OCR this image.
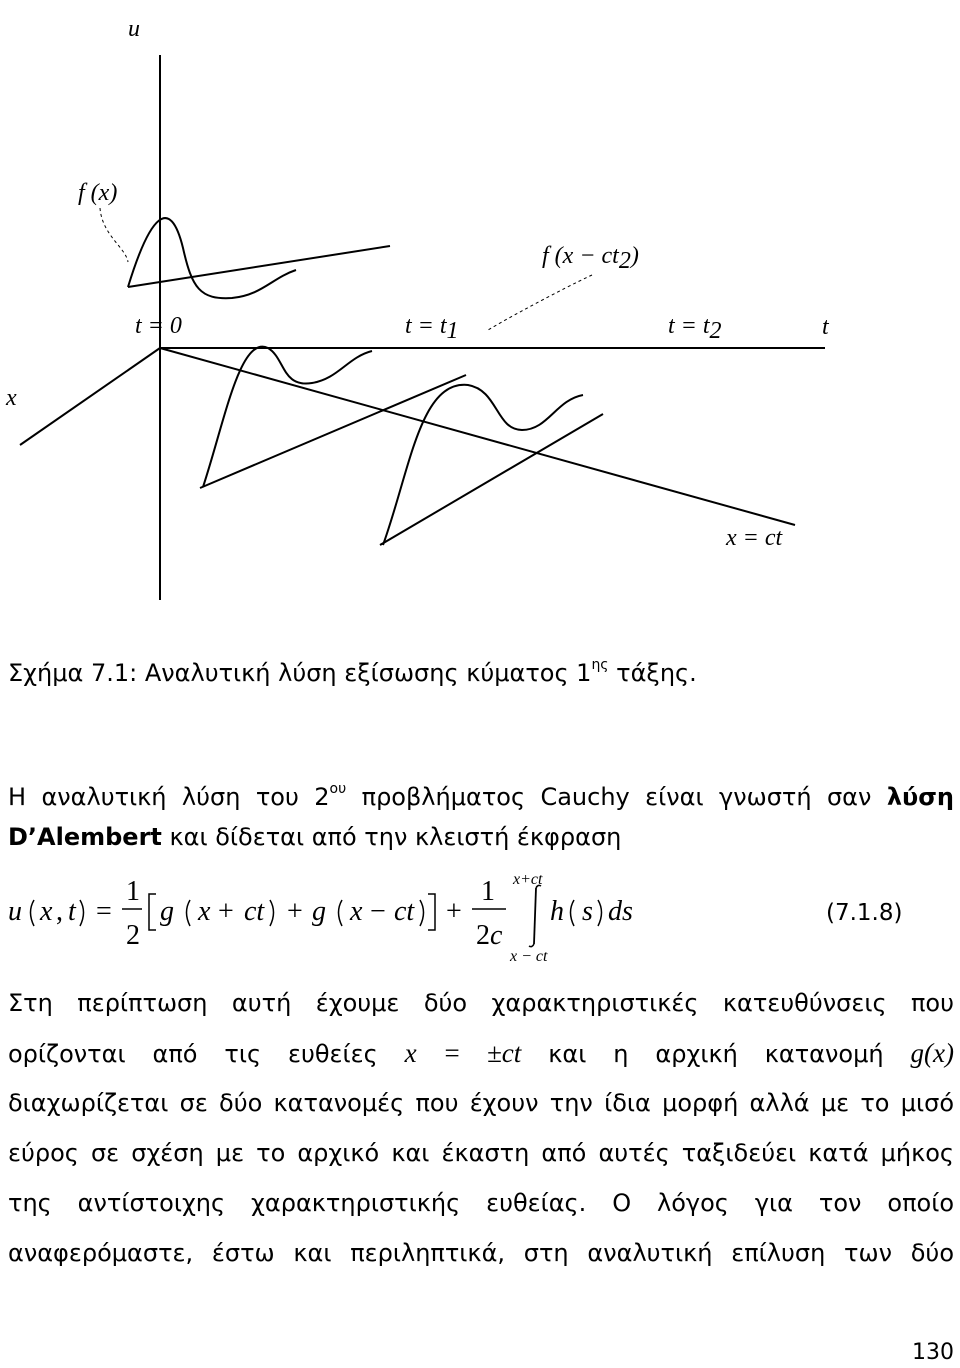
u
x
t
f (x)
f (x − ct2)
t = 0	t = t1	t = t2
x = ct
Σχήμα 7.1: Αναλυτική λύση εξίσωσης κύματος $1^{\eta\varsigma}$ τάξης.
Η αναλυτική λύση του $2^{o\upsilon}$ προβλήματος Cauchy είναι γνωστή σαν λύση
D’Alembert και δίδεται από την κλειστή έκφραση
u x , t =
1
2
g x + ct + g x − ct +
1
2 c
x+ct
x − ct
h s ds	(7.1.8)
Στη περίπτωση αυτή έχουμε δύο χαρακτηριστικές κατευθύνσεις που
ορίζονται από τις ευθείες x = ±ct και η αρχική κατανομή g(x)
διαχωρίζεται σε δύο κατανομές που έχουν την ίδια μορφή αλλά με το μισό
εύρος σε σχέση με το αρχικό και έκαστη από αυτές ταξιδεύει κατά μήκος
της αντίστοιχης χαρακτηριστικής ευθείας. Ο λόγος για τον οποίο
αναφερόμαστε, έστω και περιληπτικά, στη αναλυτική επίλυση των δύο
130
